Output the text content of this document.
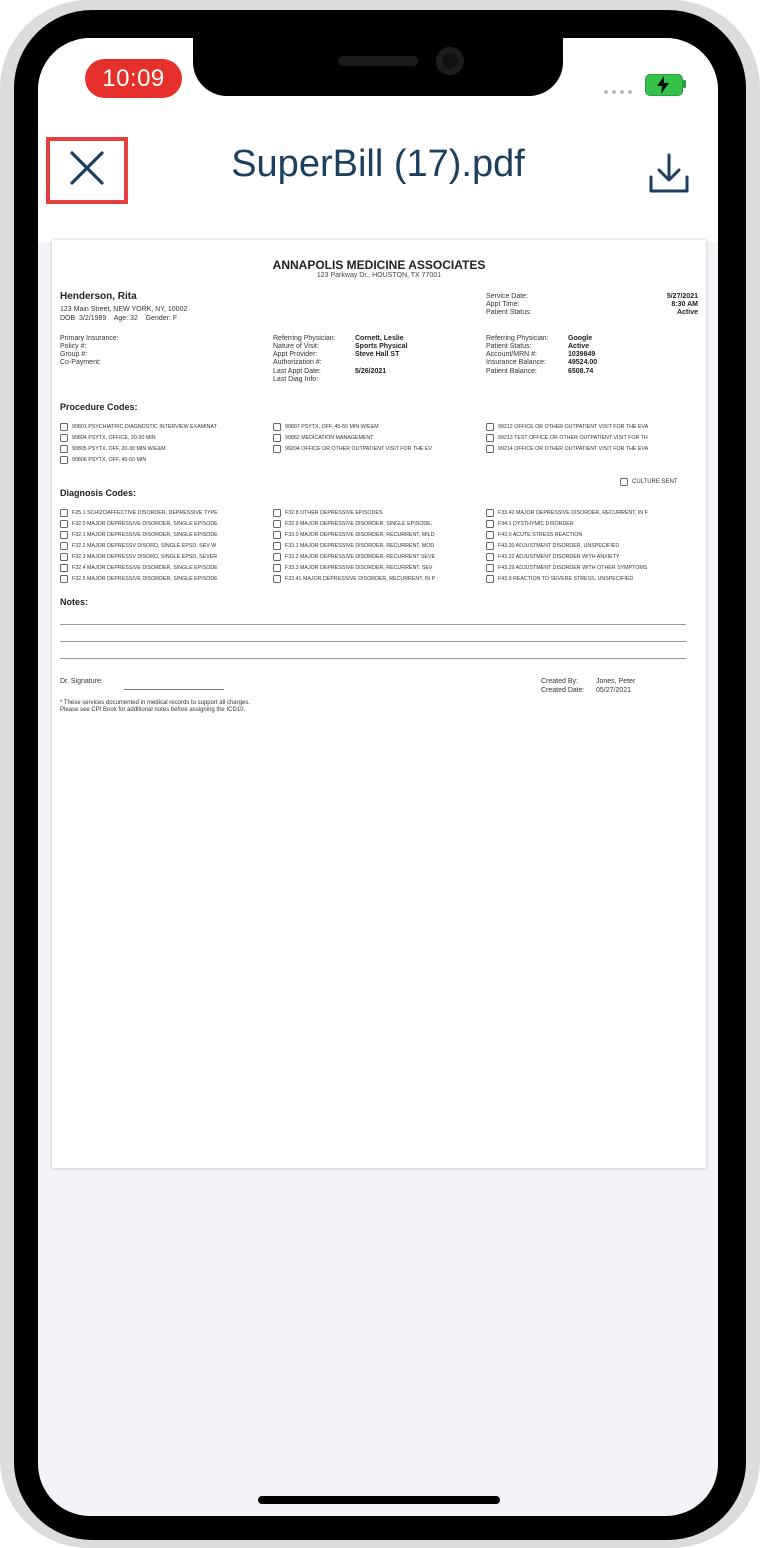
10:09
SuperBill (17).pdf
ANNAPOLIS MEDICINE ASSOCIATES
123 Parkway Dr., HOUSTON, TX 77001
Henderson, Rita
123 Main Street, NEW YORK, NY, 10002
DOB  3/2/1989    Age: 32    Gender: F
Service Date:
Appt Time:
Patient Status:
5/27/2021
8:30 AM
Active
Primary Insurance:
Policy #:
Group #:
Co-Payment:
Referring Physician:
Nature of Visit:
Appt Provider:
Authorization #:
Last Appt Date:
Last Diag Info:
Cornett, Leslie
Sports Physical
Steve Hall ST
5/26/2021
Referring Physician:
Patient Status:
Account/MRN #:
Insurance Balance:
Patient Balance:
Google
Active
1039849
49524.00
6508.74
Procedure Codes:
90801 PSYCHIATRIC DIAGNOSTIC INTERVIEW EXAMINAT
90804 PSYTX, OFFICE, 20-30 MIN
90805 PSYTX, OFF, 20-30 MIN W/E&M
90806 PSYTX, OFF, 45-50 MIN
90807 PSYTX, OFF, 45-50 MIN W/E&M
90862 MEDICATION MANAGEMENT
99204 OFFICE OR OTHER OUTPATIENT VISIT FOR THE EV
99212 OFFICE OR OTHER OUTPATIENT VISIT FOR THE EVA
99213 TEST OFFICE OR OTHER OUTPATIENT VISIT FOR TH
99214 OFFICE OR OTHER OUTPATIENT VISIT FOR THE EVA
CULTURE SENT
Diagnosis Codes:
F25.1 SCHIZOAFFECTIVE DISORDER, DEPRESSIVE TYPE
F32.0 MAJOR DEPRESSIVE DISORDER, SINGLE EPISODE
F32.1 MAJOR DEPRESSIVE DISORDER, SINGLE EPISODE
F32.2 MAJOR DEPRESSV DISORD, SINGLE EPSD, SEV W
F32.3 MAJOR DEPRESSV DISORD, SINGLE EPSD, SEVER
F32.4 MAJOR DEPRESSIVE DISORDER, SINGLE EPISODE
F32.5 MAJOR DEPRESSIVE DISORDER, SINGLE EPISODE
F32.8 OTHER DEPRESSIVE EPISODES
F32.9 MAJOR DEPRESSIVE DISORDER, SINGLE EPISODE,
F33.0 MAJOR DEPRESSIVE DISORDER, RECURRENT, MILD
F33.1 MAJOR DEPRESSIVE DISORDER, RECURRENT, MOD
F33.2 MAJOR DEPRESSIVE DISORDER, RECURRENT SEVE
F33.3 MAJOR DEPRESSIVE DISORDER, RECURRENT, SEV
F33.41 MAJOR DEPRESSIVE DISORDER, RECURRENT, IN P
F33.42 MAJOR DEPRESSIVE DISORDER, RECURRENT, IN F
F34.1 DYSTHYMIC DISORDER
F43.0 ACUTE STRESS REACTION
F43.20 ADJUSTMENT DISORDER, UNSPECIFIED
F43.22 ADJUSTMENT DISORDER WITH ANXIETY
F43.29 ADJUSTMENT DISORDER WITH OTHER SYMPTOMS
F43.9 REACTION TO SEVERE STRESS, UNSPECIFIED
Notes:
Dr. Signature:
* These services documented in medical records to support all charges.
Please see CPI Book for additional notes before assigning the ICD10.
Created By:	Jones, Peter
Created Date: 05/27/2021
